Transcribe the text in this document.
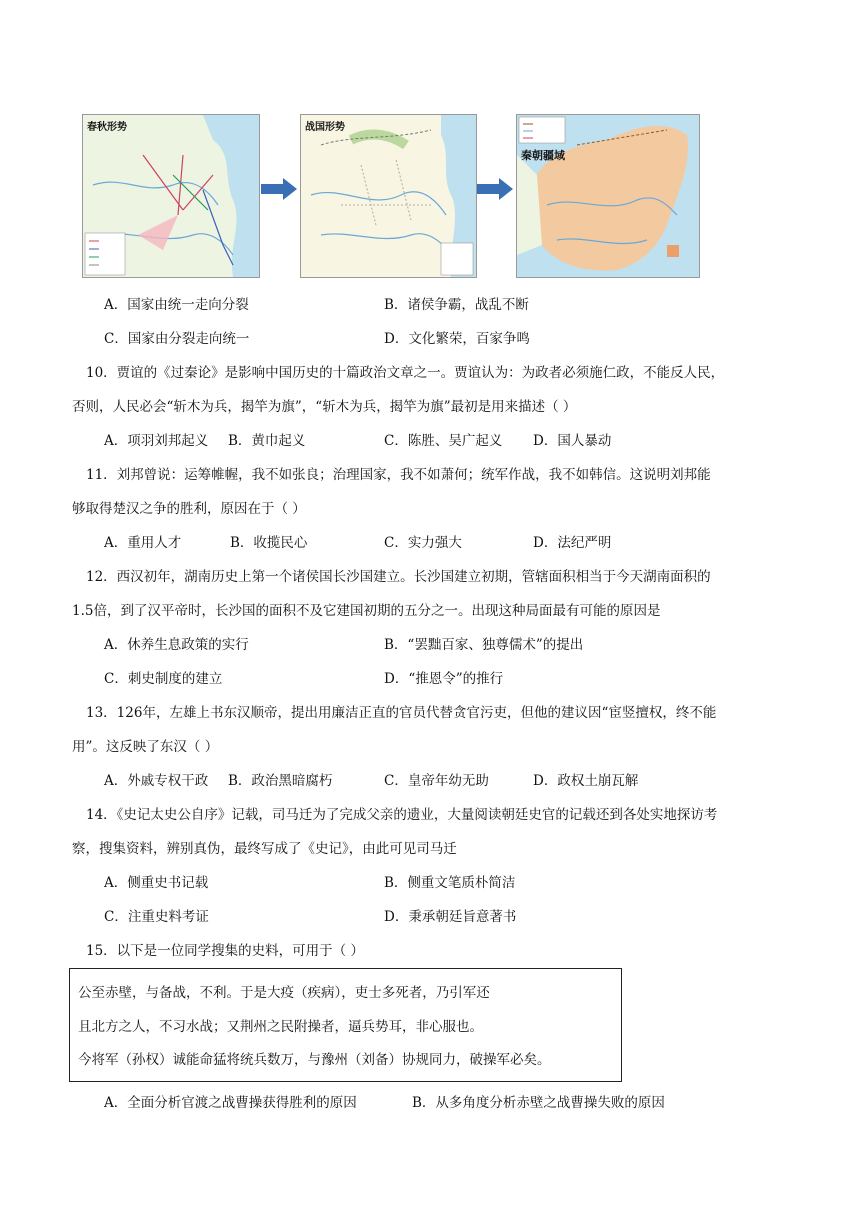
春秋形势	战国形势
秦朝疆域
A．国家由统一走向分裂	B．诸侯争霸，战乱不断
C．国家由分裂走向统一	D．文化繁荣，百家争鸣
10．贾谊的《过秦论》是影响中国历史的十篇政治文章之一。贾谊认为：为政者必须施仁政，不能反人民，
否则，人民必会“斩木为兵，揭竿为旗”，“斩木为兵，揭竿为旗”最初是用来描述（ ）
A．项羽刘邦起义 B．黄巾起义	C．陈胜、吴广起义 D．国人暴动
11．刘邦曾说：运筹帷幄，我不如张良；治理国家，我不如萧何；统军作战，我不如韩信。这说明刘邦能
够取得楚汉之争的胜利，原因在于（ ）
A．重用人才	B．收揽民心	C．实力强大	D．法纪严明
12．西汉初年，湖南历史上第一个诸侯国长沙国建立。长沙国建立初期，管辖面积相当于今天湖南面积的
1.5倍，到了汉平帝时，长沙国的面积不及它建国初期的五分之一。出现这种局面最有可能的原因是
A．休养生息政策的实行	B．“罢黜百家、独尊儒术”的提出
C．刺史制度的建立	D．“推恩令”的推行
13．126年，左雄上书东汉顺帝，提出用廉洁正直的官员代替贪官污吏，但他的建议因“宦竖擅权，终不能
用”。这反映了东汉（ ）
A．外戚专权干政 B．政治黑暗腐朽	C．皇帝年幼无助	D．政权土崩瓦解
14．《史记太史公自序》记载，司马迁为了完成父亲的遗业，大量阅读朝廷史官的记载还到各处实地探访考
察，搜集资料，辨别真伪，最终写成了《史记》，由此可见司马迁
A．侧重史书记载	B．侧重文笔质朴简洁
C．注重史料考证	D．秉承朝廷旨意著书
15．以下是一位同学搜集的史料，可用于（ ）
公至赤壁，与备战，不利。于是大疫（疾病），吏士多死者，乃引军还
且北方之人，不习水战；又荆州之民附操者，逼兵势耳，非心服也。
今将军（孙权）诚能命猛将统兵数万，与豫州（刘备）协规同力，破操军必矣。
A．全面分析官渡之战曹操获得胜利的原因	B．从多角度分析赤壁之战曹操失败的原因
